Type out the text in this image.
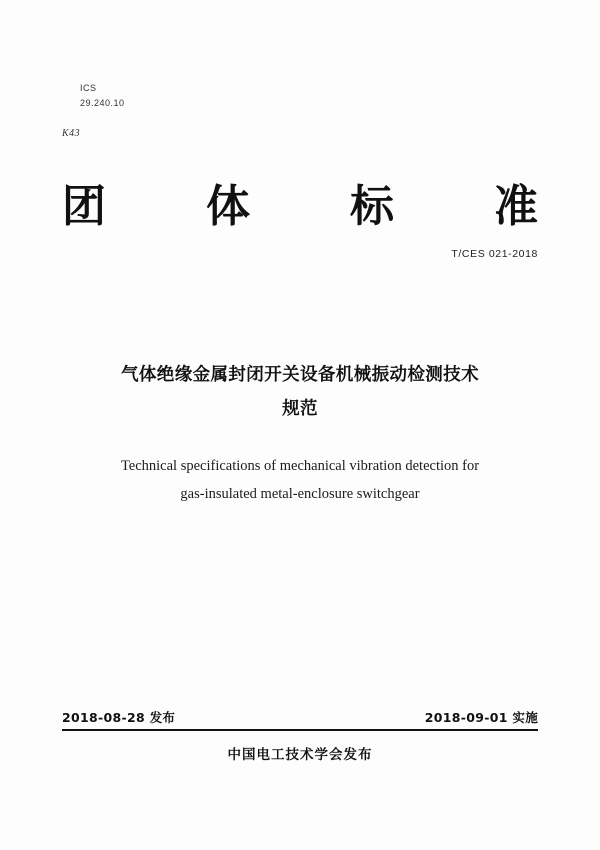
ICS
29.240.10

K43
团 体 标 准
T/CES 021-2018
气体绝缘金属封闭开关设备机械振动检测技术
规范
Technical specifications of mechanical vibration detection for
gas-insulated metal-enclosure switchgear
2018-08-28 发布	2018-09-01 实施
中国电工技术学会发布
